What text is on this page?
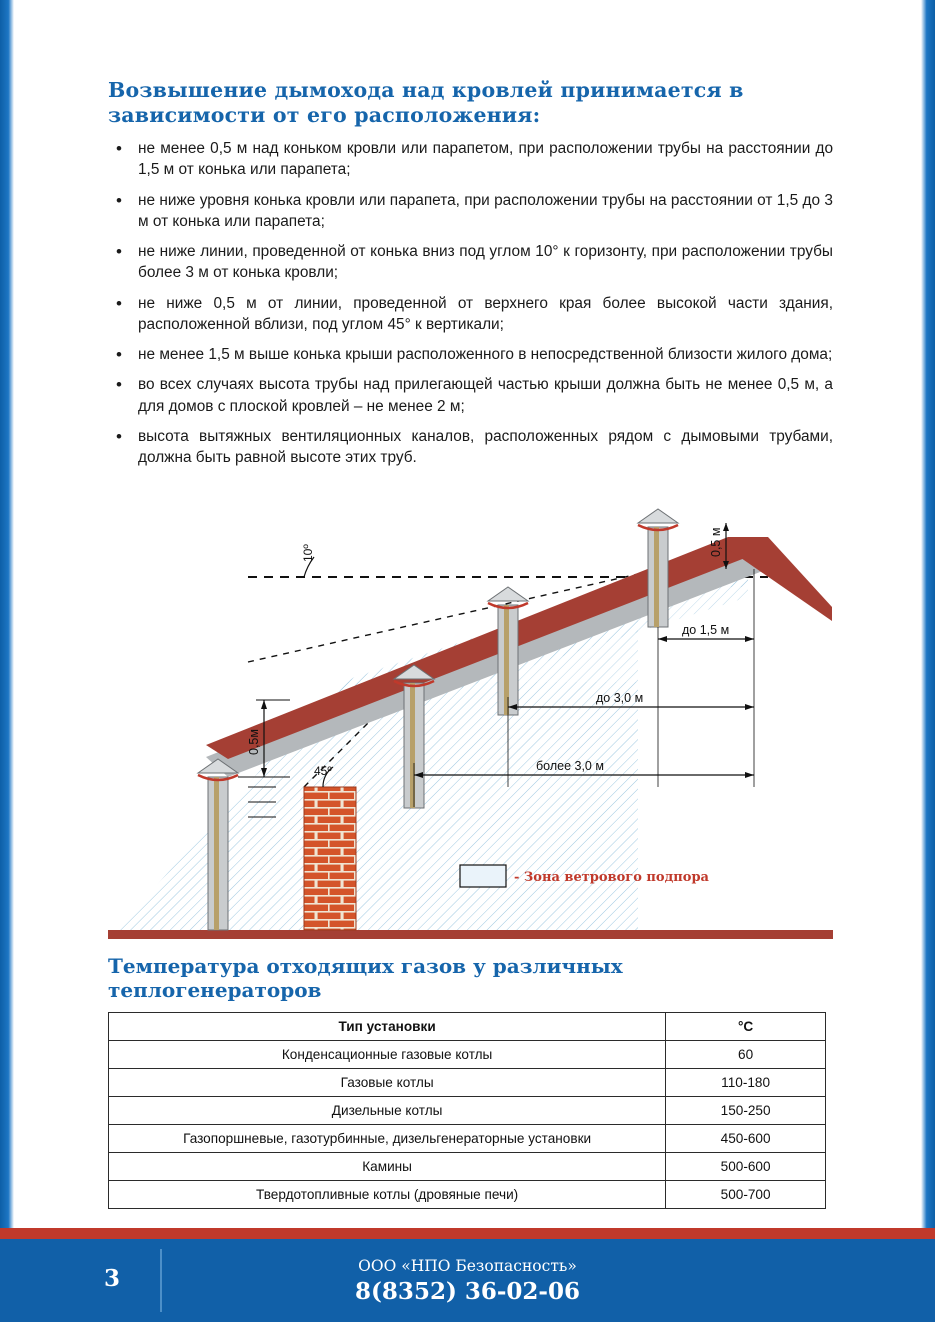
Возвышение дымохода над кровлей принимается в зависимости от его расположения:
• не менее 0,5 м над коньком кровли или парапетом, при расположении трубы на расстоянии до 1,5 м от конька или парапета;
• не ниже уровня конька кровли или парапета, при расположении трубы на расстоянии от 1,5 до 3 м от конька или парапета;
• не ниже линии, проведенной от конька вниз под углом 10° к горизонту, при расположении трубы более 3 м от конька кровли;
• не ниже 0,5 м от линии, проведенной от верхнего края более высокой части здания, расположенной вблизи, под углом 45° к вертикали;
• не менее 1,5 м выше конька крыши расположенного в непосредственной близости жилого дома;
• во всех случаях высота трубы над прилегающей частью крыши должна быть не менее 0,5 м, а для домов с плоской кровлей – не менее 2 м;
• высота вытяжных вентиляционных каналов, расположенных рядом с дымовыми трубами, должна быть равной высоте этих труб.
0,5 м
0,5м
10º
45º
до 1,5 м
до 3,0 м
более 3,0 м
- Зона ветрового подпора
Температура отходящих газов у различных теплогенераторов
Тип установки	°C
Конденсационные газовые котлы	60
Газовые котлы	110-180
Дизельные котлы	150-250
Газопоршневые, газотурбинные, дизельгенераторные установки	450-600
Камины	500-600
Твердотопливные котлы (дровяные печи)	500-700
3	ООО «НПО Безопасность»
8(8352) 36-02-06
